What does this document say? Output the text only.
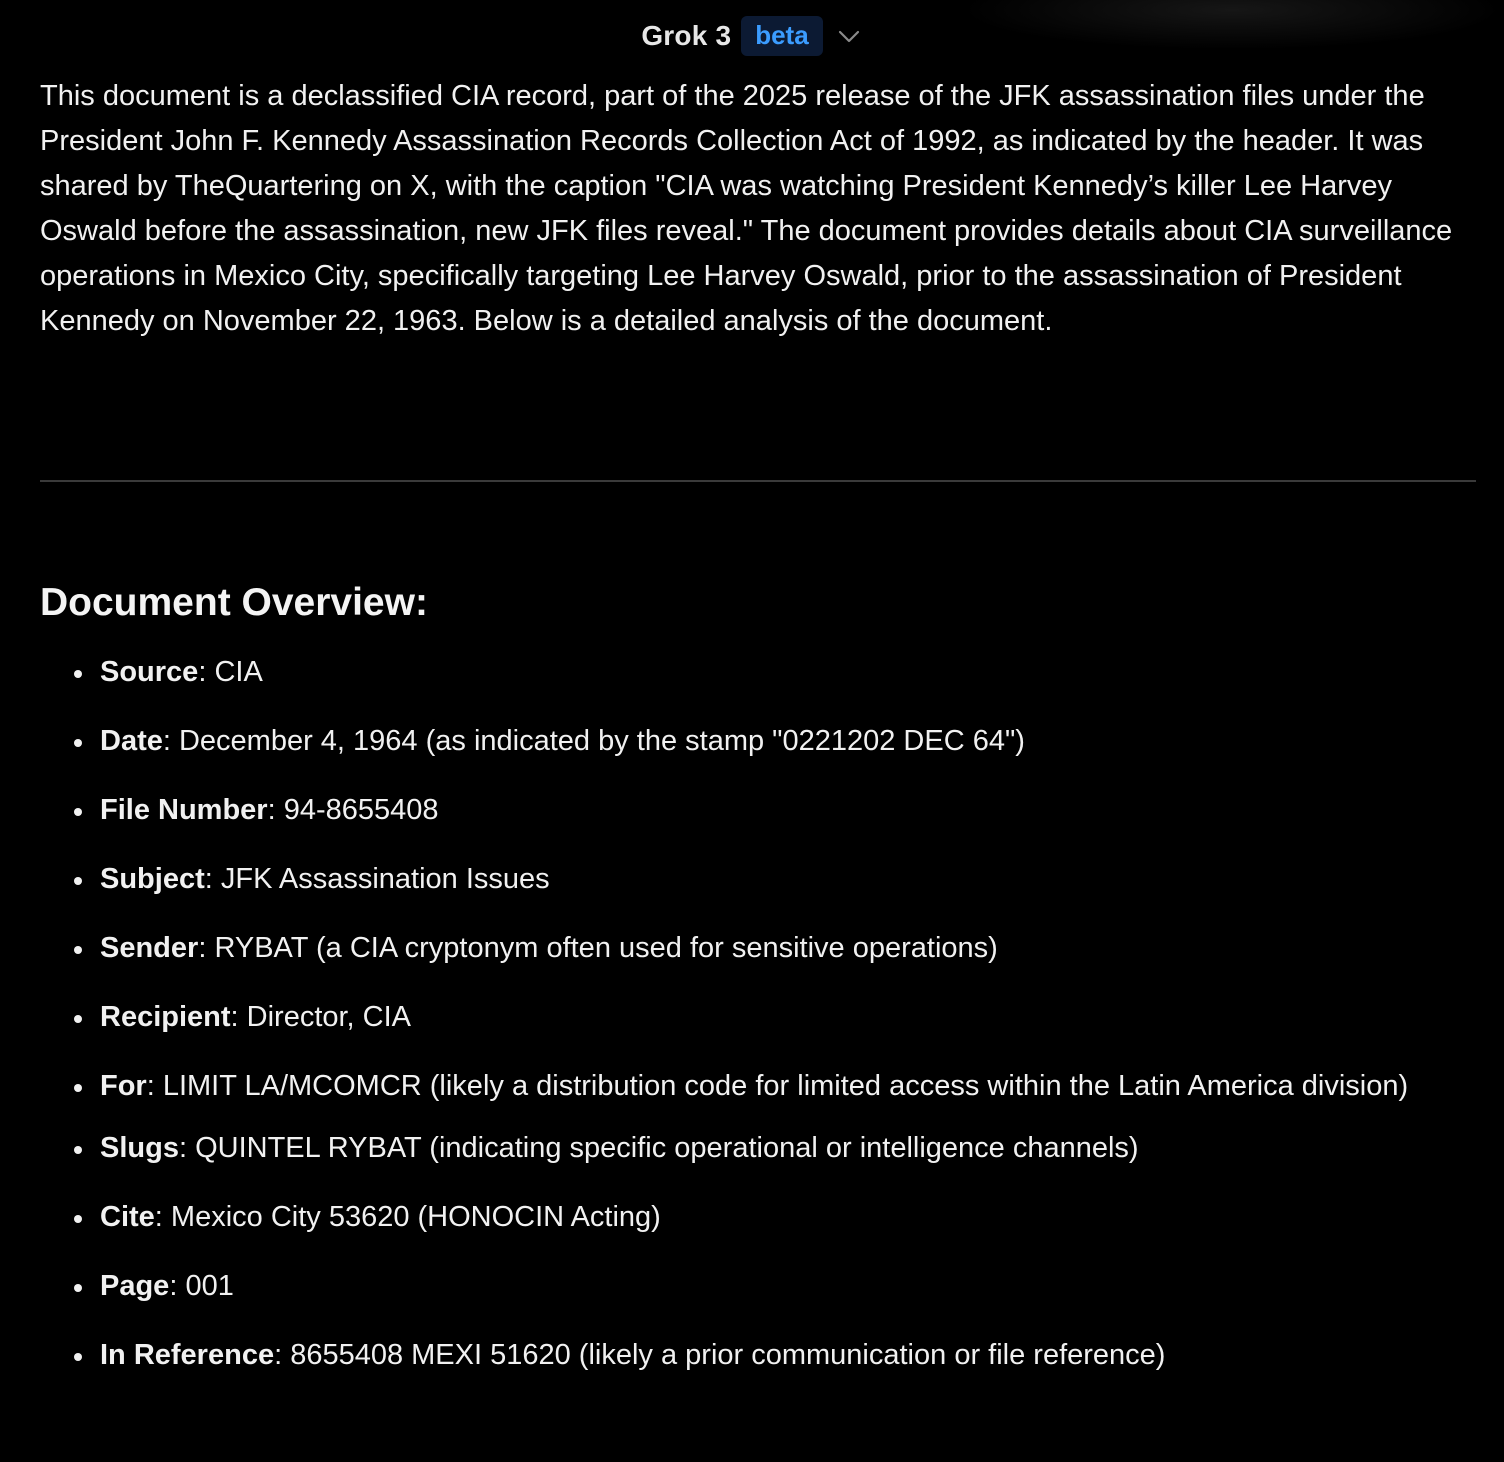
Grok 3 beta

This document is a declassified CIA record, part of the 2025 release of the JFK assassination files under the President John F. Kennedy Assassination Records Collection Act of 1992, as indicated by the header. It was shared by TheQuartering on X, with the caption "CIA was watching President Kennedy’s killer Lee Harvey Oswald before the assassination, new JFK files reveal." The document provides details about CIA surveillance operations in Mexico City, specifically targeting Lee Harvey Oswald, prior to the assassination of President Kennedy on November 22, 1963. Below is a detailed analysis of the document.

Document Overview:
Source: CIA
Date: December 4, 1964 (as indicated by the stamp "0221202 DEC 64")
File Number: 94-8655408
Subject: JFK Assassination Issues
Sender: RYBAT (a CIA cryptonym often used for sensitive operations)
Recipient: Director, CIA
For: LIMIT LA/MCOMCR (likely a distribution code for limited access within the Latin America division)
Slugs: QUINTEL RYBAT (indicating specific operational or intelligence channels)
Cite: Mexico City 53620 (HONOCIN Acting)
Page: 001
In Reference: 8655408 MEXI 51620 (likely a prior communication or file reference)
